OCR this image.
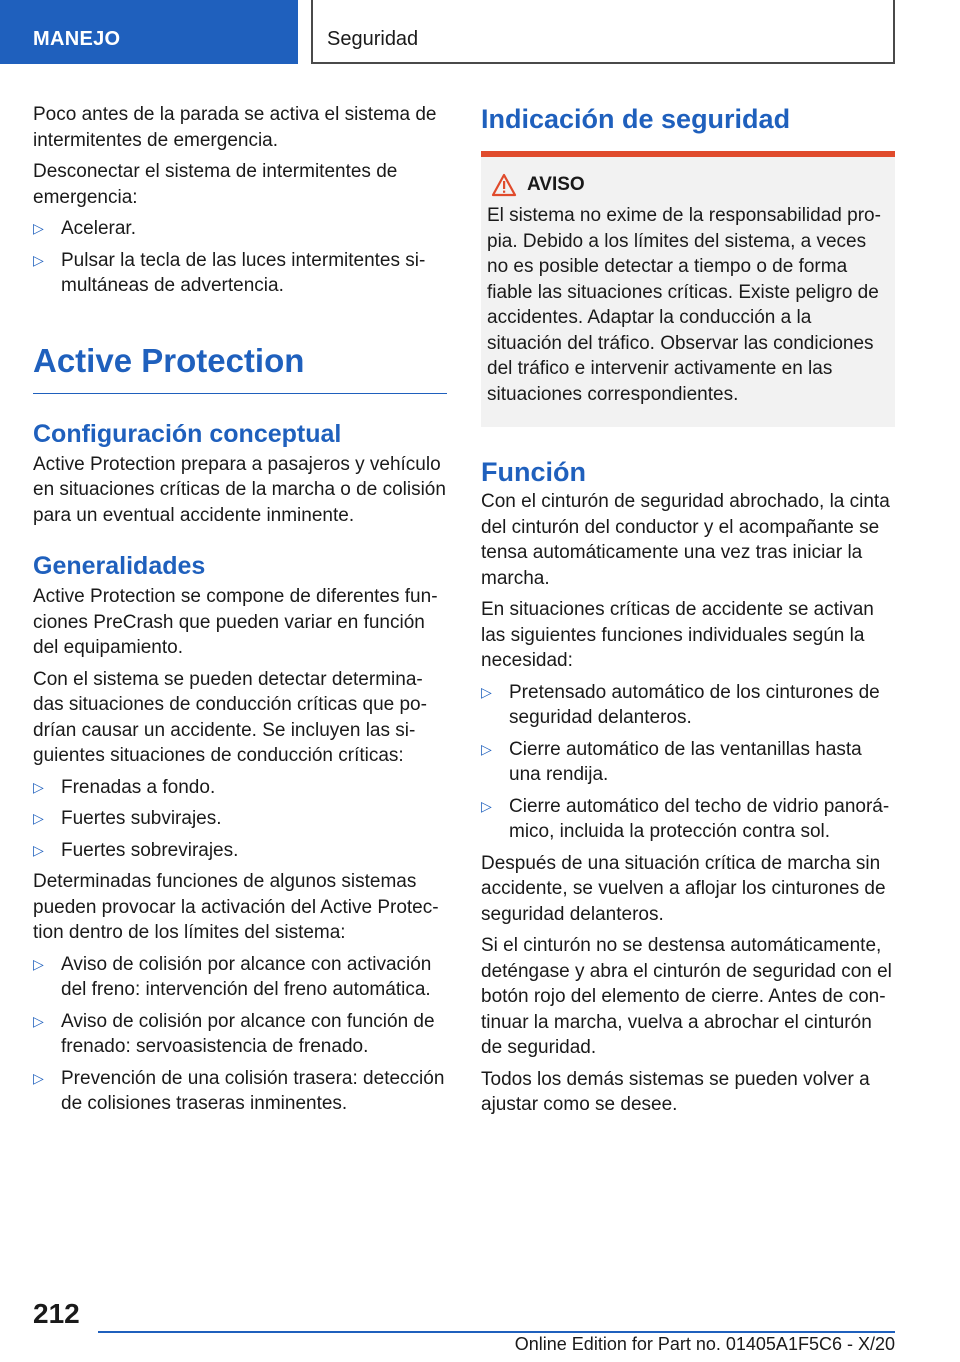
MANEJO	Seguridad

Poco antes de la parada se activa el sistema de intermitentes de emergencia.

Desconectar el sistema de intermitentes de emergencia:

▷ Acelerar.
▷ Pulsar la tecla de las luces intermitentes simultáneas de advertencia.
Active Protection
Configuración conceptual

Active Protection prepara a pasajeros y vehículo en situaciones críticas de la marcha o de colisión para un eventual accidente inminente.

Generalidades

Active Protection se compone de diferentes funciones PreCrash que pueden variar en función del equipamiento.

Con el sistema se pueden detectar determinadas situaciones de conducción críticas que podrían causar un accidente. Se incluyen las siguientes situaciones de conducción críticas:

▷ Frenadas a fondo.
▷ Fuertes subvirajes.
▷ Fuertes sobrevirajes.

Determinadas funciones de algunos sistemas pueden provocar la activación del Active Protection dentro de los límites del sistema:

▷ Aviso de colisión por alcance con activación del freno: intervención del freno automática.
▷ Aviso de colisión por alcance con función de frenado: servoasistencia de frenado.
▷ Prevención de una colisión trasera: detección de colisiones traseras inminentes.
Indicación de seguridad
AVISO

El sistema no exime de la responsabilidad propia. Debido a los límites del sistema, a veces no es posible detectar a tiempo o de forma fiable las situaciones críticas. Existe peligro de accidentes. Adaptar la conducción a la situación del tráfico. Observar las condiciones del tráfico e intervenir activamente en las situaciones correspondientes.

Función

Con el cinturón de seguridad abrochado, la cinta del cinturón del conductor y el acompañante se tensa automáticamente una vez tras iniciar la marcha.

En situaciones críticas de accidente se activan las siguientes funciones individuales según la necesidad:

▷ Pretensado automático de los cinturones de seguridad delanteros.
▷ Cierre automático de las ventanillas hasta una rendija.
▷ Cierre automático del techo de vidrio panorámico, incluida la protección contra sol.

Después de una situación crítica de marcha sin accidente, se vuelven a aflojar los cinturones de seguridad delanteros.

Si el cinturón no se destensa automáticamente, deténgase y abra el cinturón de seguridad con el botón rojo del elemento de cierre. Antes de continuar la marcha, vuelva a abrochar el cinturón de seguridad.

Todos los demás sistemas se pueden volver a ajustar como se desee.

212
Online Edition for Part no. 01405A1F5C6 - X/20
